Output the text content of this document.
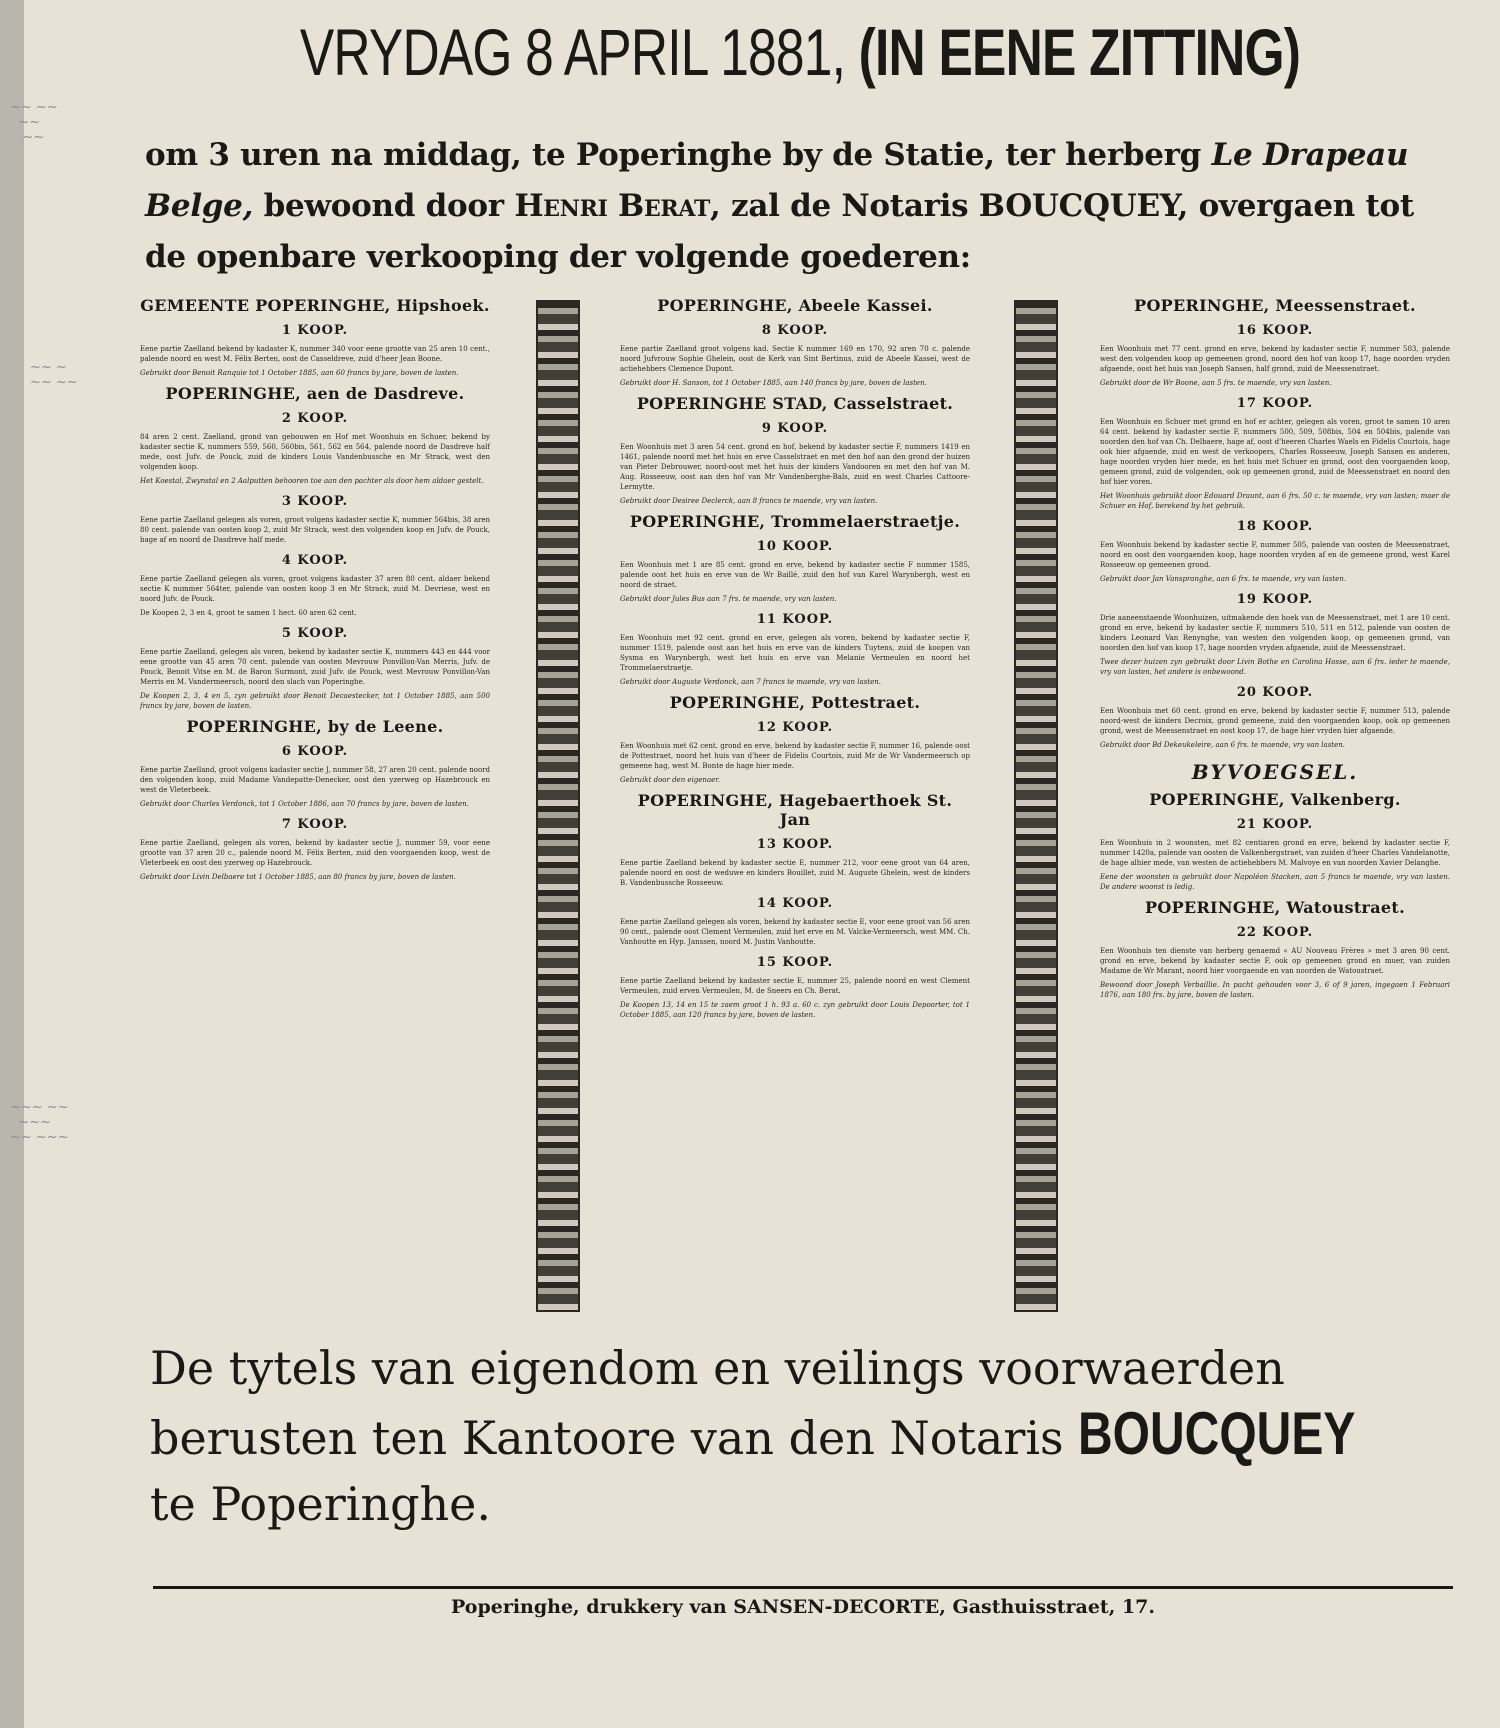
VRYDAG 8 APRIL 1881, (IN EENE ZITTING)
om 3 uren na middag, te Poperinghe by de Statie, ter herberg Le Drapeau Belge, bewoond door Henri Berat, zal de Notaris BOUCQUEY, overgaen tot de openbare verkooping der volgende goederen:
GEMEENTE POPERINGHE, Hipshoek.
1 KOOP.

Eene partie Zaelland bekend by kadaster K, nummer 340 voor eene grootte van 25 aren 10 cent., palende noord en west M. Félix Berten, oost de Casseldreve, zuid d'heer Jean Boone.

Gebruikt door Benoit Ranquie tot 1 October 1885, aan 60 francs by jare, boven de lasten.

POPERINGHE, aen de Dasdreve.
2 KOOP.

84 aren 2 cent. Zaelland, grond van gebouwen en Hof met Woonhuis en Schuer, bekend by kadaster sectie K, nummers 559, 560, 560bis, 561, 562 en 564, palende noord de Dasdreve half mede, oost Jufv. de Pouck, zuid de kinders Louis Vandenbussche en Mr Strack, west den volgenden koop.

Het Koestal, Zwynstal en 2 Aalputten behooren toe aan den pachter als door hem aldaer gestelt.

3 KOOP.

Eene partie Zaelland gelegen als voren, groot volgens kadaster sectie K, nummer 564bis, 38 aren 80 cent. palende van oosten koop 2, zuid Mr Strack, west den volgenden koop en Jufv. de Pouck, bage af en noord de Dasdreve half mede.

4 KOOP.

Eene partie Zaelland gelegen als voren, groot volgens kadaster 37 aren 80 cent. aldaer bekend sectie K nummer 564ter, palende van oosten koop 3 en Mr Strack, zuid M. Devriese, west en noord Jufv. de Pouck.

De Koopen 2, 3 en 4, groot te samen 1 hect. 60 aren 62 cent.

5 KOOP.

Eene partie Zaelland, gelegen als voren, bekend by kadaster sectie K, nummers 443 en 444 voor eene grootte van 45 aren 70 cent. palende van oosten Mevrouw Ponvillon-Van Merris, Jufv. de Pouck, Benoit Vitse en M. de Baron Surmont, zuid Jufv. de Pouck, west Mevrouw Ponvillon-Van Merris en M. Vandermeersch, noord den slach van Poperinghe.

De Koopen 2, 3, 4 en 5, zyn gebruikt door Benoit Decaestecker, tot 1 October 1885, aan 500 francs by jare, boven de lasten.

POPERINGHE, by de Leene.
6 KOOP.

Eene partie Zaelland, groot volgens kadaster sectie J, nummer 58, 27 aren 20 cent. palende noord den volgenden koop, zuid Madame Vandepatte-Denecker, oost den yzerweg op Hazebrouck en west de Vleterbeek.

Gebruikt door Charles Verdonck, tot 1 October 1886, aan 70 francs by jare, boven de lasten.

7 KOOP.

Eene partie Zaelland, gelegen als voren, bekend by kadaster sectie J, nummer 59, voor eene grootte van 37 aren 20 c., palende noord M. Félix Berten, zuid den voorgaenden koop, west de Vleterbeek en oost den yzerweg op Hazebrouck.

Gebruikt door Livin Delbaere tot 1 October 1885, aan 80 francs by jare, boven de lasten.

POPERINGHE, Abeele Kassei.
8 KOOP.

Eene partie Zaelland groot volgens kad. Sectie K nummer 169 en 170, 92 aren 70 c. palende noord Jufvrouw Sophie Ghelein, oost de Kerk van Sint Bertinus, zuid de Abeele Kassei, west de actiehebbers Clemence Dupont.

Gebruikt door H. Sanson, tot 1 October 1885, aan 140 francs by jare, boven de lasten.

POPERINGHE STAD, Casselstraet.
9 KOOP.

Een Woonhuis met 3 aren 54 cent. grond en hof, bekend by kadaster sectie F, nummers 1419 en 1461, palende noord met het huis en erve Casselstraet en met den hof aan den grond der huizen van Pieter Debrouwer, noord-oost met het huis der kinders Vandooren en met den hof van M. Aug. Rosseeuw, oost aan den hof van Mr Vandenberghe-Bals, zuid en west Charles Cattoore-Lermytte.

Gebruikt door Desiree Declerck, aan 8 francs te maende, vry van lasten.

POPERINGHE, Trommelaerstraetje.
10 KOOP.

Een Woonhuis met 1 are 85 cent. grond en erve, bekend by kadaster sectie F nummer 1585, palende oost het huis en erve van de Wr Baillé, zuid den hof van Karel Warynbergh, west en noord de straet.

Gebruikt door Jules Bus aan 7 frs. te maende, vry van lasten.

11 KOOP.

Een Woonhuis met 92 cent. grond en erve, gelegen als voren, bekend by kadaster sectie F, nummer 1519, palende oost aan het huis en erve van de kinders Tuytens, zuid de koopen van Sysma en Warynbergh, west het huis en erve van Melanie Vermeulen en noord het Trommelaerstraetje.

Gebruikt door Auguste Verdonck, aan 7 francs te maende, vry van lasten.

POPERINGHE, Pottestraet.
12 KOOP.

Een Woonhuis met 62 cent. grond en erve, bekend by kadaster sectie F, nummer 16, palende oost de Pottestraet, noord het huis van d'heer de Fidelis Courtois, zuid Mr de Wr Vandermeersch op gemeene hag, west M. Bonte de hage hier mede.

Gebruikt door den eigenaer.

POPERINGHE, Hagebaerthoek St. Jan
13 KOOP.

Eene partie Zaelland bekend by kadaster sectie E, nummer 212, voor eene groot van 64 aren, palende noord en oost de weduwe en kinders Bouillet, zuid M. Auguste Ghelein, west de kinders B. Vandenbussche Rosseeuw.

14 KOOP.

Eene partie Zaelland gelegen als voren, bekend by kadaster sectie E, voor eene groot van 56 aren 90 cent., palende oost Clement Vermeulen, zuid het erve en M. Valcke-Vermeersch, west MM. Ch. Vanhoutte en Hyp. Janssen, noord M. Justin Vanhoutte.

15 KOOP.

Eene partie Zaelland bekend by kadaster sectie E, nummer 25, palende noord en west Clement Vermeulen, zuid erven Vermeulen, M. de Sneers en Ch. Berat.

De Koopen 13, 14 en 15 te zaem groot 1 h. 93 a. 60 c. zyn gebruikt door Louis Depoorter, tot 1 October 1885, aan 120 francs by jare, boven de lasten.

POPERINGHE, Meessenstraet.
16 KOOP.

Een Woonhuis met 77 cent. grond en erve, bekend by kadaster sectie F, nummer 503, palende west den volgenden koop op gemeenen grond, noord den hof van koop 17, hage noorden vryden afgaende, oost het huis van Joseph Sansen, half grond, zuid de Meessenstraet.

Gebruikt door de Wr Boone, aan 5 frs. te maende, vry van lasten.

17 KOOP.

Een Woonhuis en Schuer met grond en hof er achter, gelegen als voren, groot te samen 10 aren 64 cent. bekend by kadaster sectie F, nummers 500, 509, 508bis, 504 en 504bis, palende van noorden den hof van Ch. Delbaere, hage af, oost d'heeren Charles Waels en Fidelis Courtois, hage ook hier afgaende, zuid en west de verkoopers, Charles Rosseeuw, Joseph Sansen en anderen, hage noorden vryden hier mede, en het huis met Schuer en grond, oost den voorgaenden koop, gemeen grond, zuid de volgenden, ook op gemeenen grond, zuid de Meessenstraet en noord den hof hier voren.

Het Woonhuis gebruikt door Edouard Draunt, aan 6 frs. 50 c. te maende, vry van lasten; maer de Schuer en Hof, berekend by het gebruik.

18 KOOP.

Een Woonhuis bekend by kadaster sectie F, nummer 505, palende van oosten de Meessenstraet, noord en oost den voorgaenden koop, hage noorden vryden af en de gemeene grond, west Karel Rosseeuw op gemeenen grond.

Gebruikt door Jan Vanspranghe, aan 6 frs. te maende, vry van lasten.

19 KOOP.

Drie aaneenstaende Woonhuizen, uitmakende den hoek van de Meessenstraet, met 1 are 10 cent. grond en erve, bekend by kadaster sectie F, nummers 510, 511 en 512, palende van oosten de kinders Leonard Van Renynghe, van westen den volgenden koop, op gemeenen grond, van noorden den hof van koop 17, hage noorden vryden afgaende, zuid de Meessenstraet.

Twee dezer huizen zyn gebruikt door Livin Bothe en Carolina Hosse, aan 6 frs. ieder te maende, vry van lasten, het andere is onbewoond.

20 KOOP.

Een Woonhuis met 60 cent. grond en erve, bekend by kadaster sectie F, nummer 513, palende noord-west de kinders Decroix, grond gemeene, zuid den voorgaenden koop, ook op gemeenen grond, west de Meessenstraet en oost koop 17, de hage hier vryden hier afgaende.

Gebruikt door Bd Dekeukeleire, aan 6 frs. te maende, vry van lasten.

BYVOEGSEL.
POPERINGHE, Valkenberg.
21 KOOP.

Een Woonhuis in 2 woonsten, met 82 centiaren grond en erve, bekend by kadaster sectie F, nummer 1420a, palende van oosten de Valkenbergstraet, van zuiden d'heer Charles Vandelanotte, de hage alhier mede, van westen de actiehebbers M. Malvoye en van noorden Xavier Delanghe.

Eene der woonsten is gebruikt door Napoléon Stacken, aan 5 francs te maende, vry van lasten. De andere woonst is ledig.

POPERINGHE, Watoustraet.
22 KOOP.

Een Woonhuis ten dienste van herberg genaemd « AU Nouveau Frères » met 3 aren 90 cent. grond en erve, bekend by kadaster sectie F, ook op gemeenen grond en muer, van zuiden Madame de Wr Marant, noord hier voorgaende en van noorden de Watoustraet.

Bewoond door Joseph Verbaillie. In pacht gehouden voor 3, 6 of 9 jaren, ingegaen 1 Februari 1876, aan 180 frs. by jare, boven de lasten.

~~ ~~
~~
~~
~~ ~
~~ ~~
~~~ ~~
~~~
~~ ~~~
De tytels van eigendom en veilings voorwaerden
berusten ten Kantoore van den Notaris BOUCQUEY
te Poperinghe.
Poperinghe, drukkery van SANSEN-DECORTE, Gasthuisstraet, 17.
